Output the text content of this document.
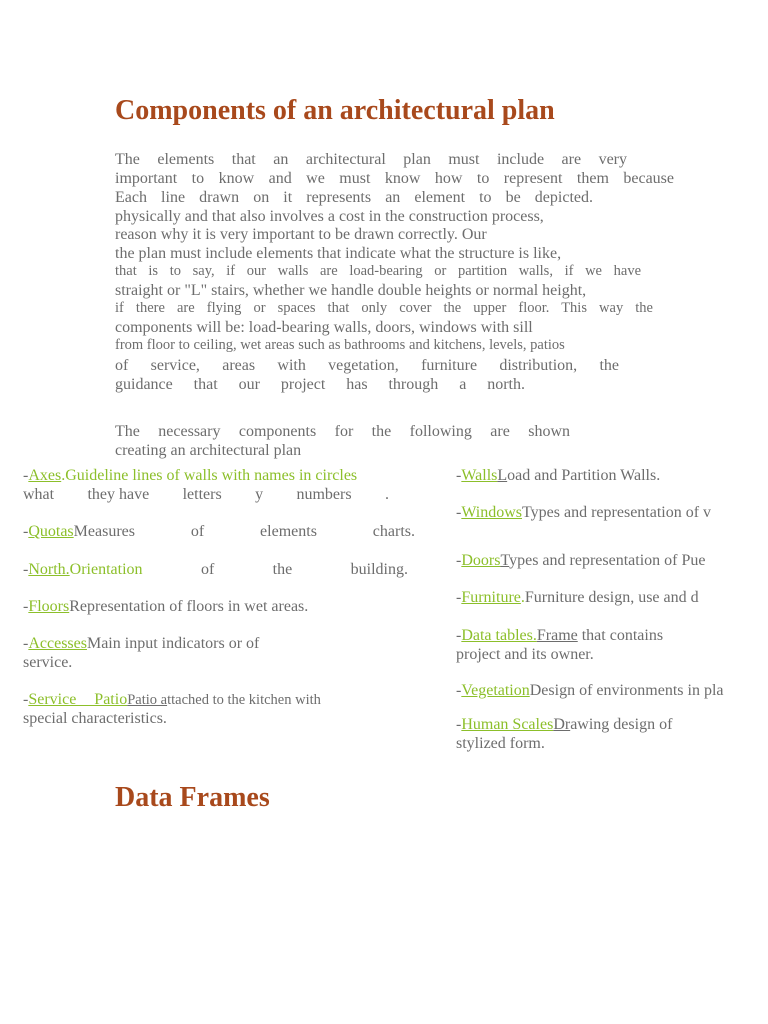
Components of an architectural plan
The elements that an architectural plan must include are very
important to know and we must know how to represent them because
Each line drawn on it represents an element to be depicted.
physically and that also involves a cost in the construction process,
reason why it is very important to be drawn correctly. Our
the plan must include elements that indicate what the structure is like,
that is to say, if our walls are load-bearing or partition walls, if we have
straight or "L" stairs, whether we handle double heights or normal height,
if there are flying or spaces that only cover the upper floor. This way the
components will be: load-bearing walls, doors, windows with sill
from floor to ceiling, wet areas such as bathrooms and kitchens, levels, patios
of service, areas with vegetation, furniture distribution, the
guidance that our project has through a north.
The necessary components for the following are shown
creating an architectural plan
-Axes.Guideline lines of walls with names in circles
what they have letters y numbers .
-QuotasMeasures	of	elements	charts.
-North.Orientation	of	the	building.
-FloorsRepresentation of floors in wet areas.
-AccessesMain input indicators or of
service.
-Service PatioPatio attached to the kitchen with
special characteristics.
-WallsLoad and Partition Walls.
-WindowsTypes and representation of v
-DoorsTypes and representation of Pue
-Furniture.Furniture design, use and d
-Data tables.Frame that contains
project and its owner.
-VegetationDesign of environments in pla
-Human ScalesDrawing design of
stylized form.
Data Frames
